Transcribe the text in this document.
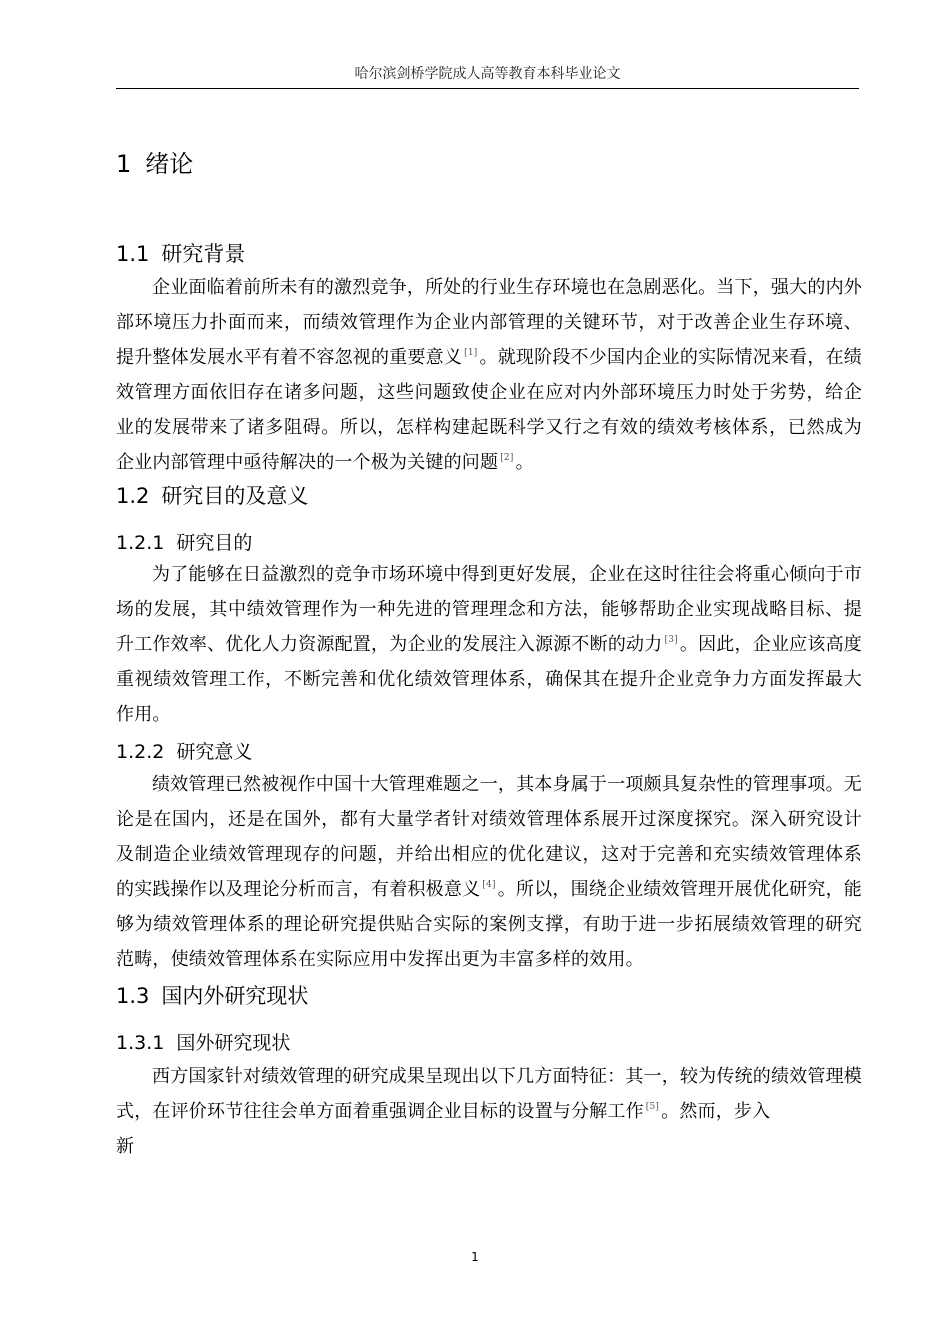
哈尔滨剑桥学院成人高等教育本科毕业论文
1 绪论
1.1 研究背景

企业面临着前所未有的激烈竞争，所处的行业生存环境也在急剧恶化。当下，强大的内外部环境压力扑面而来，而绩效管理作为企业内部管理的关键环节，对于改善企业生存环境、提升整体发展水平有着不容忽视的重要意义 [1] 。就现阶段不少国内企业的实际情况来看，在绩效管理方面依旧存在诸多问题，这些问题致使企业在应对内外部环境压力时处于劣势，给企业的发展带来了诸多阻碍。所以，怎样构建起既科学又行之有效的绩效考核体系，已然成为企业内部管理中亟待解决的一个极为关键的问题 [2] 。

1.2 研究目的及意义
1.2.1 研究目的

为了能够在日益激烈的竞争市场环境中得到更好发展，企业在这时往往会将重心倾向于市场的发展，其中绩效管理作为一种先进的管理理念和方法，能够帮助企业实现战略目标、提升工作效率、优化人力资源配置，为企业的发展注入源源不断的动力 [3] 。因此，企业应该高度重视绩效管理工作，不断完善和优化绩效管理体系，确保其在提升企业竞争力方面发挥最大作用。

1.2.2 研究意义

绩效管理已然被视作中国十大管理难题之一，其本身属于一项颇具复杂性的管理事项。无论是在国内，还是在国外，都有大量学者针对绩效管理体系展开过深度探究。深入研究设计及制造企业绩效管理现存的问题，并给出相应的优化建议，这对于完善和充实绩效管理体系的实践操作以及理论分析而言，有着积极意义 [4] 。所以，围绕企业绩效管理开展优化研究，能够为绩效管理体系的理论研究提供贴合实际的案例支撑，有助于进一步拓展绩效管理的研究范畴，使绩效管理体系在实际应用中发挥出更为丰富多样的效用。

1.3 国内外研究现状
1.3.1 国外研究现状

西方国家针对绩效管理的研究成果呈现出以下几方面特征：其一，较为传统的绩效管理模式，在评价环节往往会单方面着重强调企业目标的设置与分解工作 [5] 。然而，步入
新

1
